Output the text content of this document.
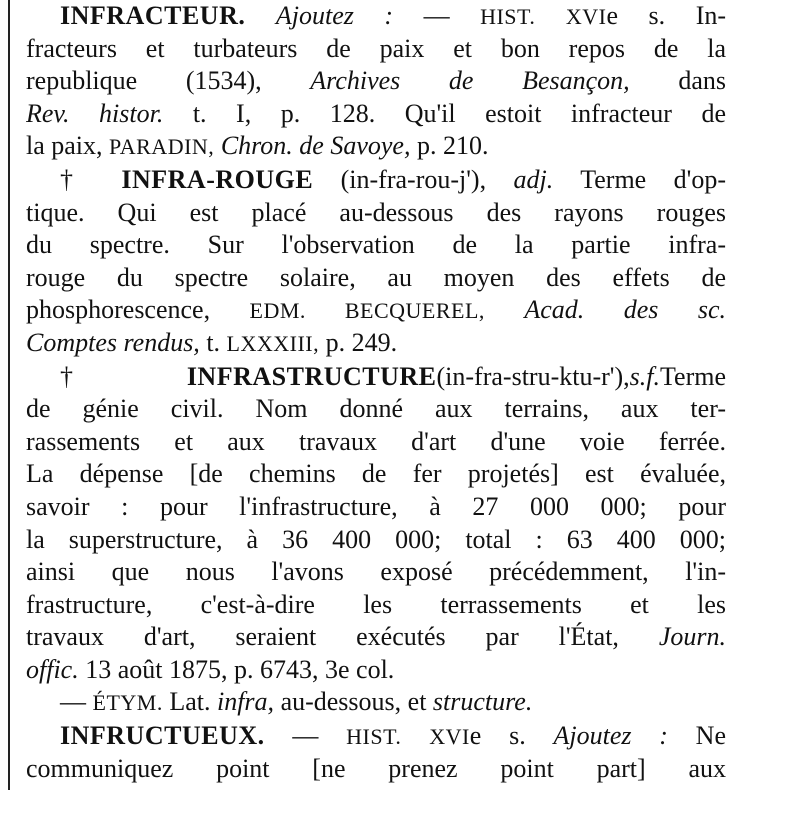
INFRACTEUR. Ajoutez : — HIST. XVIe s. In-
fracteurs et turbateurs de paix et bon repos de la
republique (1534), Archives de Besançon, dans
Rev. histor. t. I, p. 128. Qu'il estoit infracteur de
la paix, PARADIN, Chron. de Savoye, p. 210.
† INFRA-ROUGE (in-fra-rou-j'), adj. Terme d'op-
tique. Qui est placé au-dessous des rayons rouges
du spectre. Sur l'observation de la partie infra-
rouge du spectre solaire, au moyen des effets de
phosphorescence, EDM. BECQUEREL, Acad. des sc.
Comptes rendus, t. LXXXIII, p. 249.
†INFRASTRUCTURE(in-fra-stru-ktu-r'),s.f.Terme
de génie civil. Nom donné aux terrains, aux ter-
rassements et aux travaux d'art d'une voie ferrée.
La dépense [de chemins de fer projetés] est évaluée,
savoir : pour l'infrastructure, à 27 000 000; pour
la superstructure, à 36 400 000; total : 63 400 000;
ainsi que nous l'avons exposé précédemment, l'in-
frastructure, c'est-à-dire les terrassements et les
travaux d'art, seraient exécutés par l'État, Journ.
offic. 13 août 1875, p. 6743, 3e col.
— ÉTYM. Lat. infra, au-dessous, et structure.
INFRUCTUEUX. — HIST. XVIe s. Ajoutez : Ne
communiquez point [ne prenez point part] aux
